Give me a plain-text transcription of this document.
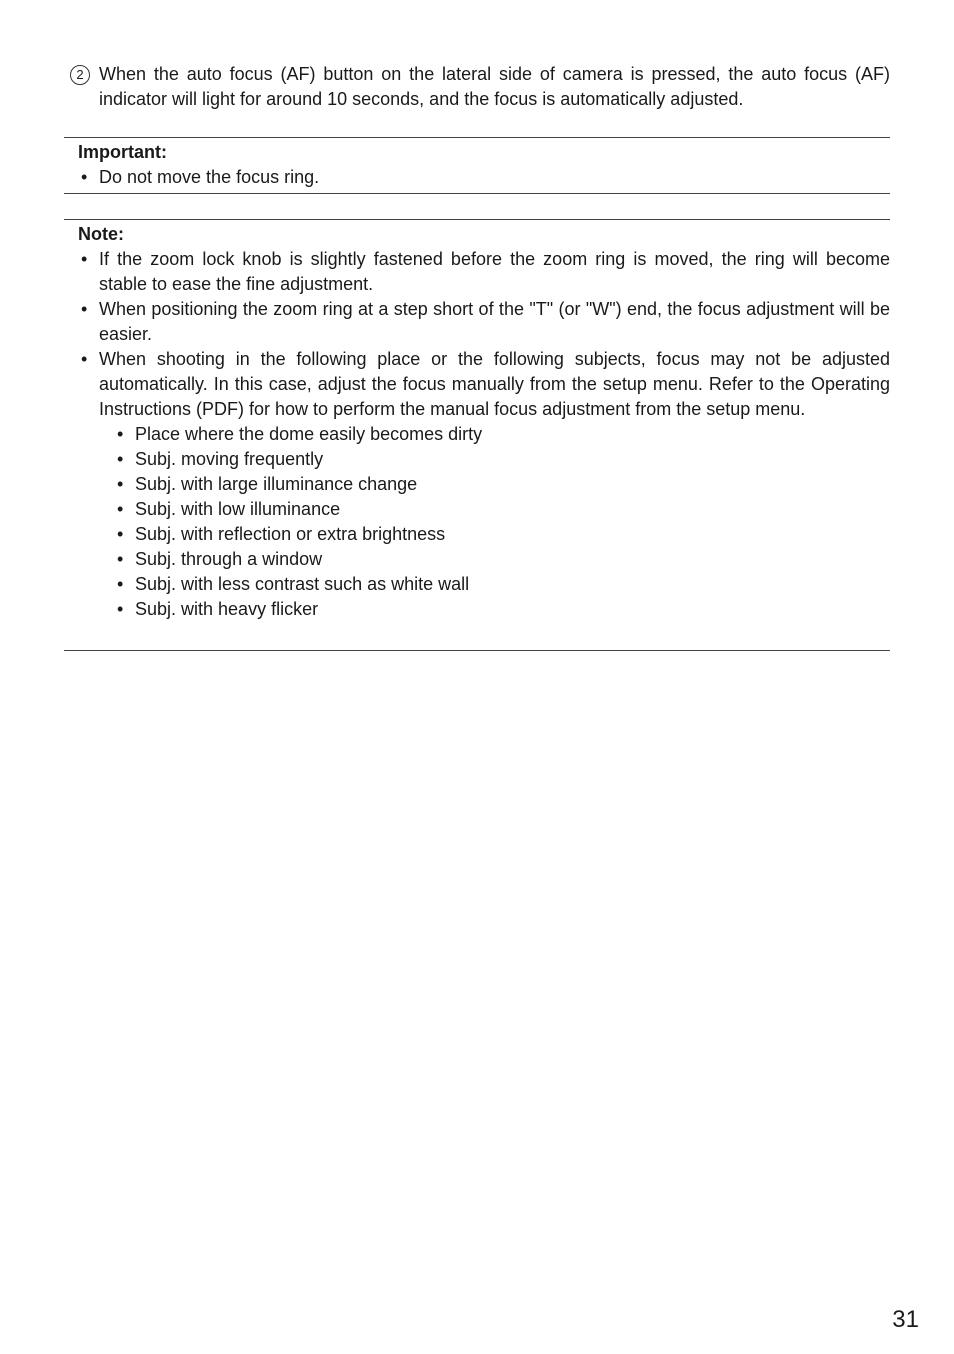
2 When the auto focus (AF) button on the lateral side of camera is pressed, the auto focus (AF) indicator will light for around 10 seconds, and the focus is automatically adjusted.
Important:
• Do not move the focus ring.
Note:
• If the zoom lock knob is slightly fastened before the zoom ring is moved, the ring will become stable to ease the fine adjustment.
• When positioning the zoom ring at a step short of the "T" (or "W") end, the focus adjustment will be easier.
• When shooting in the following place or the following subjects, focus may not be adjusted automatically. In this case, adjust the focus manually from the setup menu. Refer to the Operating Instructions (PDF) for how to perform the manual focus adjustment from the setup menu.
• Place where the dome easily becomes dirty
• Subj. moving frequently
• Subj. with large illuminance change
• Subj. with low illuminance
• Subj. with reflection or extra brightness
• Subj. through a window
• Subj. with less contrast such as white wall
• Subj. with heavy flicker
31
